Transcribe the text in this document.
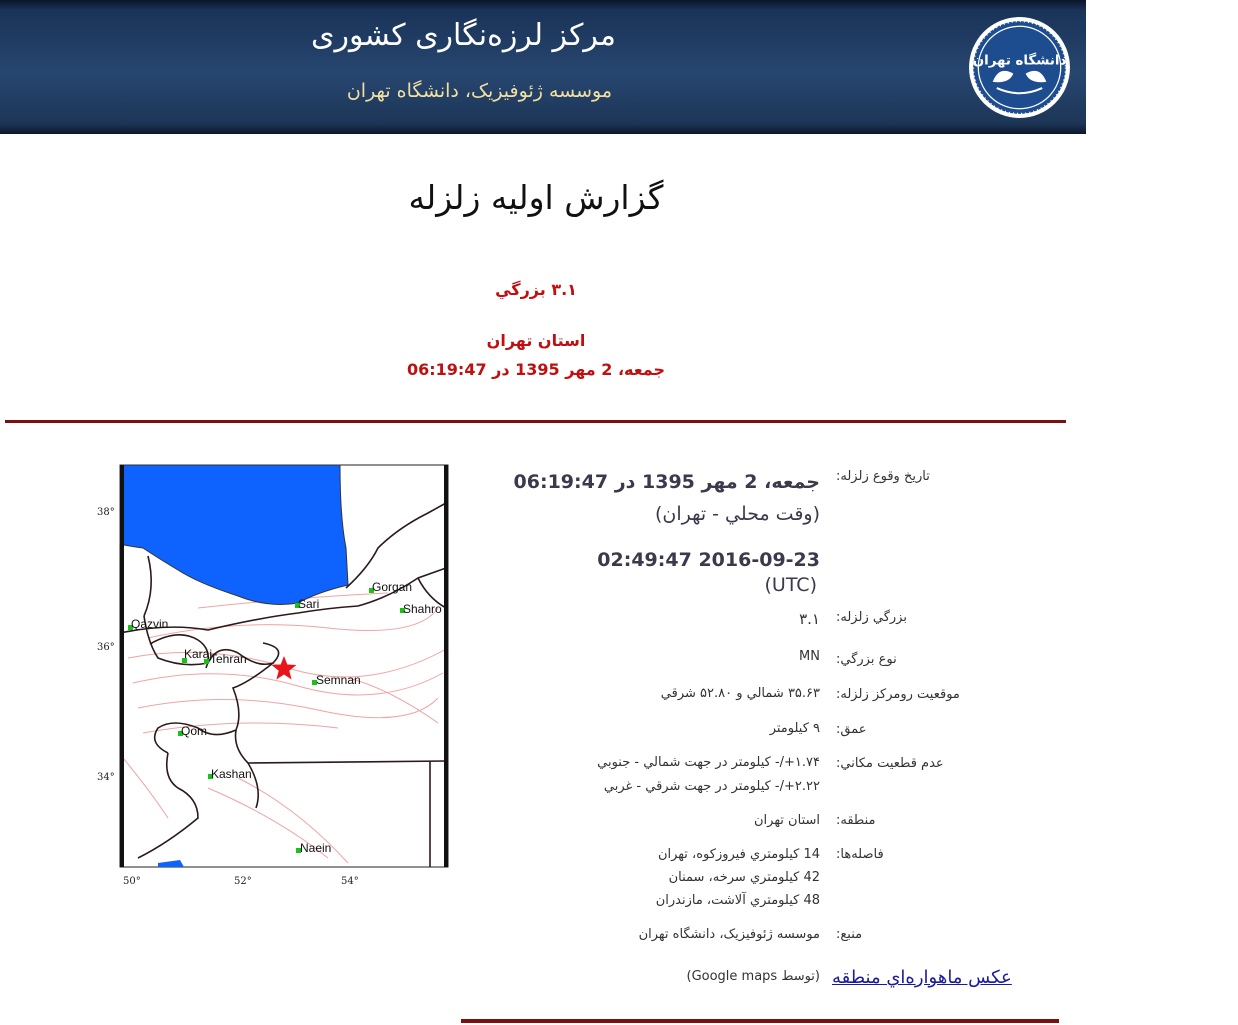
مرکز لرزه‌نگاری کشوری
موسسه ژئوفیزیک، دانشگاه تهران
دانشگاه تهران
گزارش اولیه زلزله
۳.۱ بزرگي
استان تهران
جمعه، 2 مهر 1395 در 06:19:47
38°
36°
34°
50°	52°	54°
Gorgan
Sari	Shahro
Qazvin
Karaj
Tehran
Semnan
Qom
Kashan
Naein
تاريخ وقوع زلزله:
جمعه، 2 مهر 1395 در 06:19:47
(وقت محلي - تهران)
2016-09-23 02:49:47
(UTC)
بزرگي زلزله:
۳.۱
نوع بزرگي:
MN
موقعيت رومرکز زلزله:
۳۵.۶۳ شمالي و ۵۲.۸۰ شرقي
عمق:
۹ کيلومتر
عدم قطعيت مکاني:
۱.۷۴+/- کيلومتر در جهت شمالي - جنوبي
۲.۲۲+/- کيلومتر در جهت شرقي - غربي
منطقه:
استان تهران
فاصله‌ها:
14 کيلومتري فيروزکوه، تهران
42 کيلومتري سرخه، سمنان
48 کيلومتري آلاشت، مازندران
منبع:
موسسه ژئوفيزيک، دانشگاه تهران
عکس ماهواره‌اي منطقه
(توسط Google maps)
